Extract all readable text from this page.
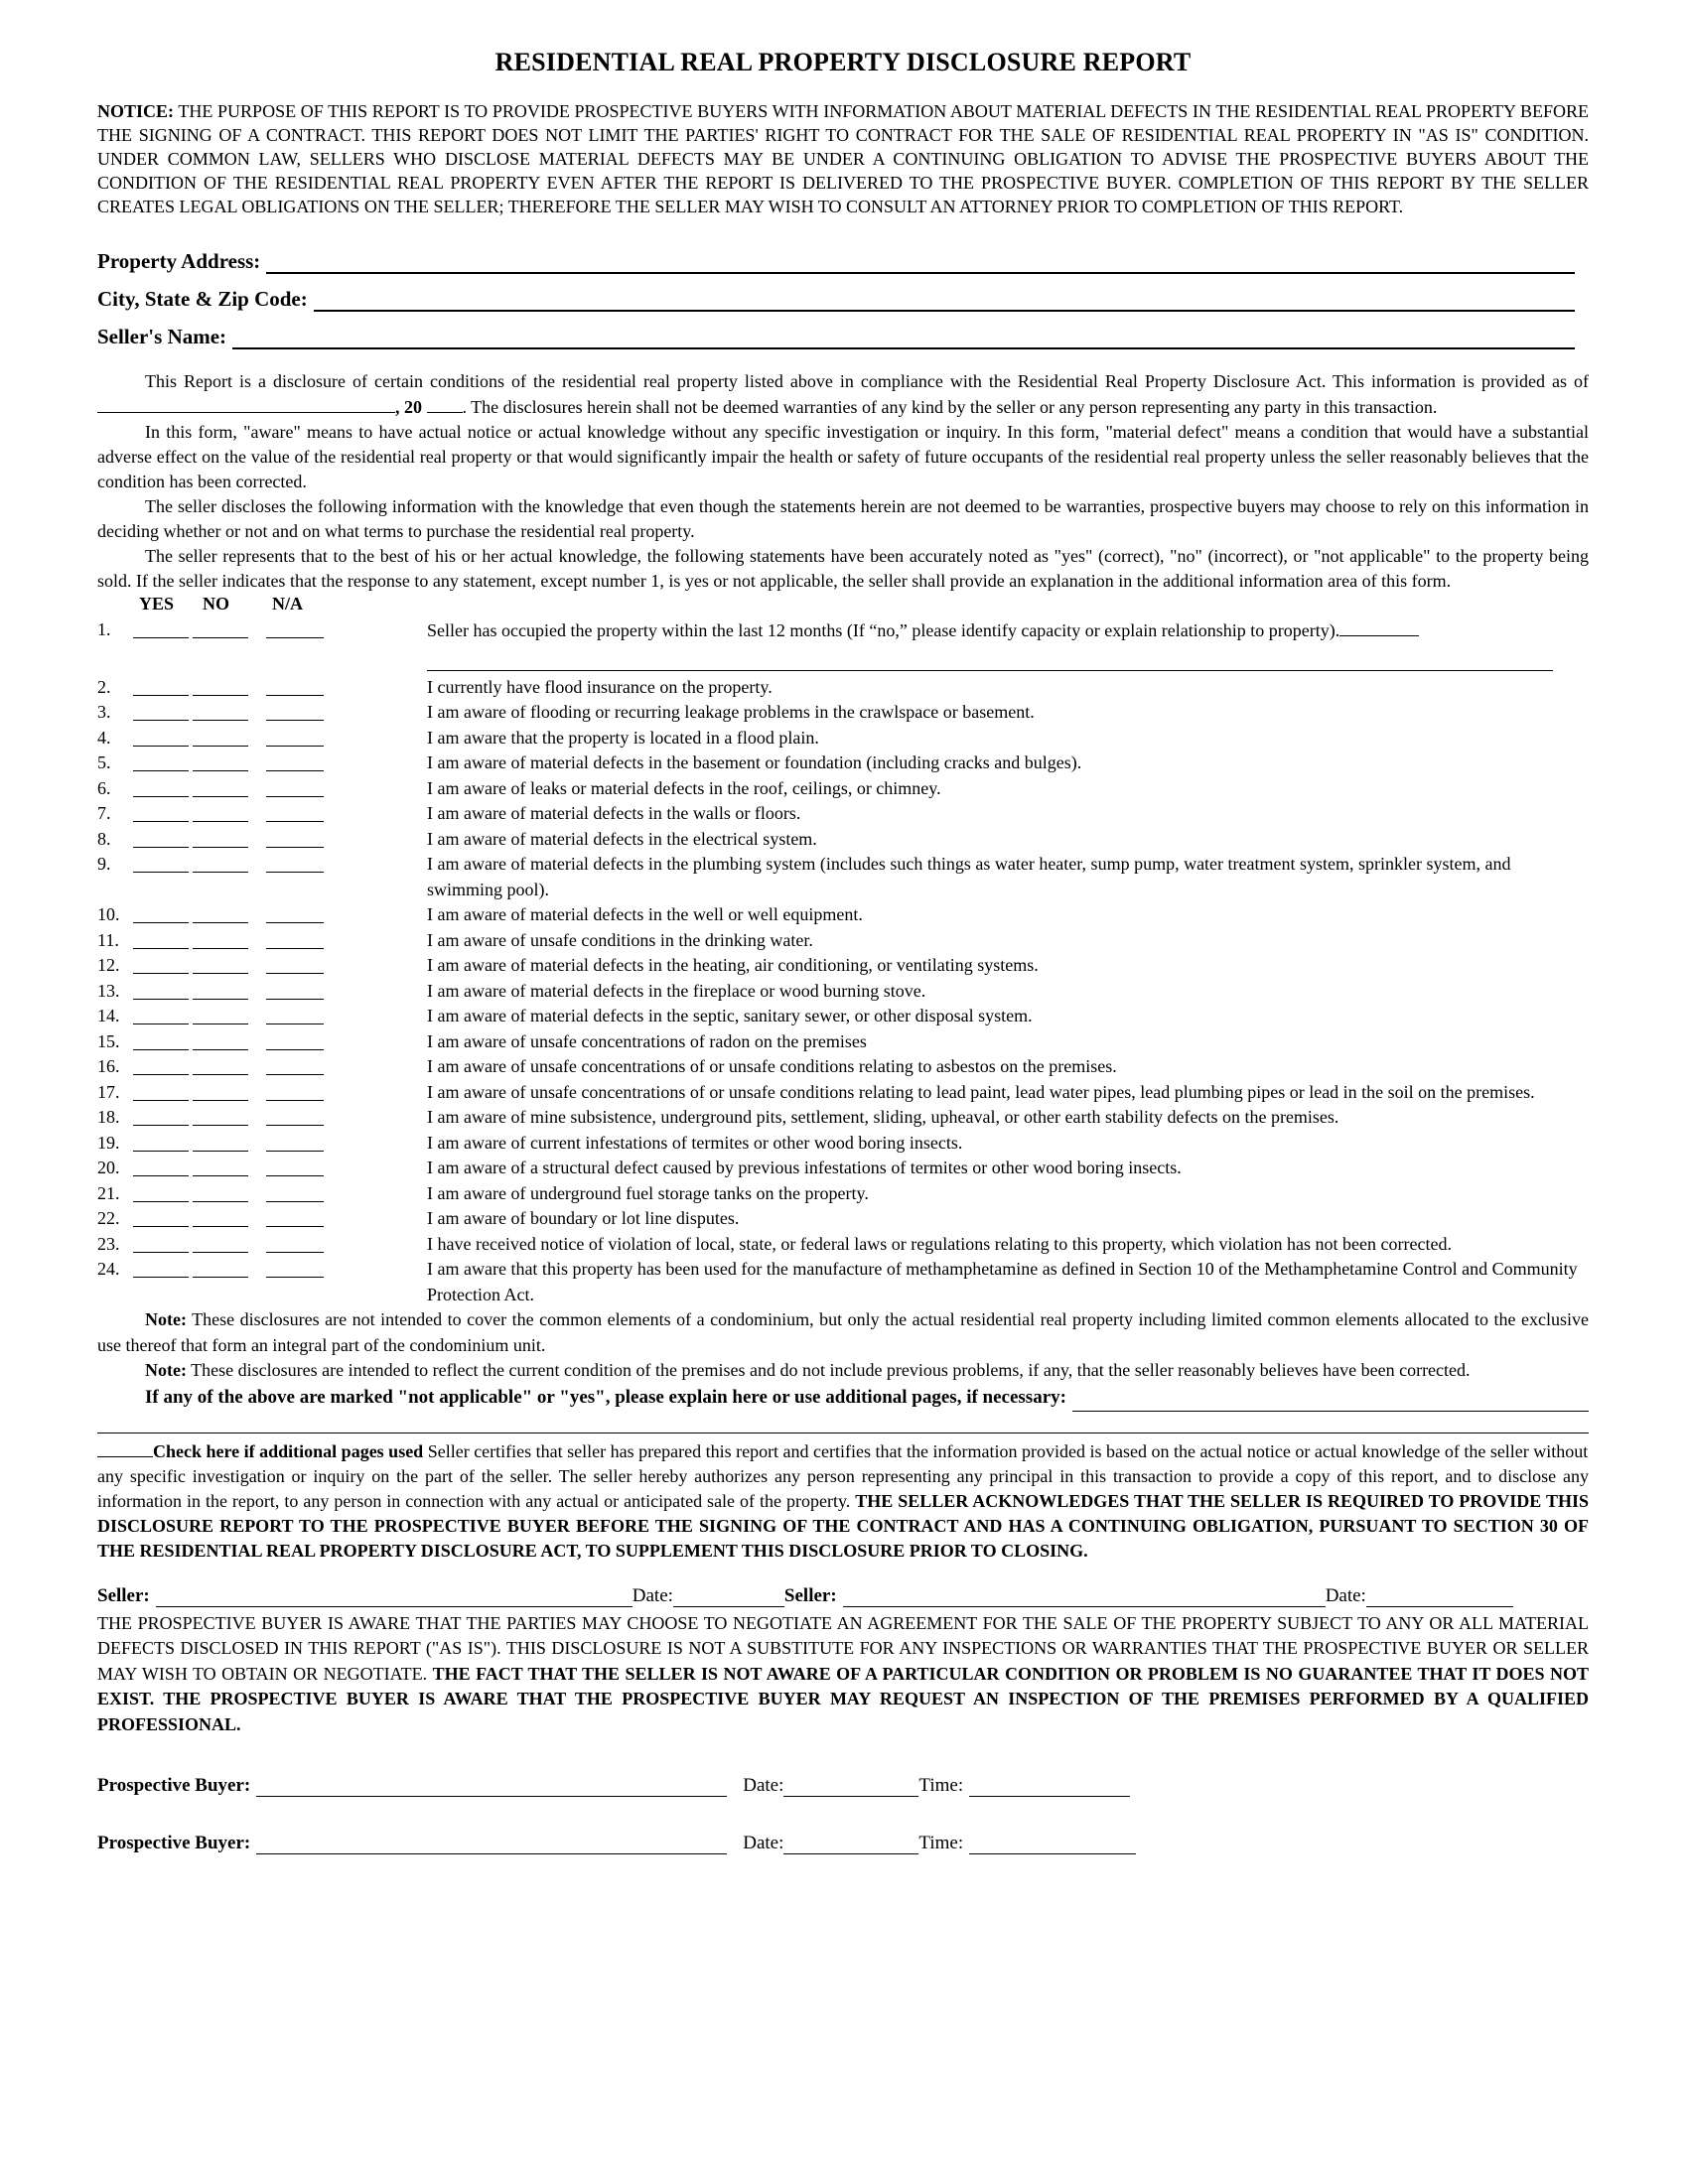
RESIDENTIAL REAL PROPERTY DISCLOSURE REPORT

NOTICE: THE PURPOSE OF THIS REPORT IS TO PROVIDE PROSPECTIVE BUYERS WITH INFORMATION ABOUT MATERIAL DEFECTS IN THE RESIDENTIAL REAL PROPERTY BEFORE THE SIGNING OF A CONTRACT. THIS REPORT DOES NOT LIMIT THE PARTIES' RIGHT TO CONTRACT FOR THE SALE OF RESIDENTIAL REAL PROPERTY IN "AS IS" CONDITION. UNDER COMMON LAW, SELLERS WHO DISCLOSE MATERIAL DEFECTS MAY BE UNDER A CONTINUING OBLIGATION TO ADVISE THE PROSPECTIVE BUYERS ABOUT THE CONDITION OF THE RESIDENTIAL REAL PROPERTY EVEN AFTER THE REPORT IS DELIVERED TO THE PROSPECTIVE BUYER. COMPLETION OF THIS REPORT BY THE SELLER CREATES LEGAL OBLIGATIONS ON THE SELLER; THEREFORE THE SELLER MAY WISH TO CONSULT AN ATTORNEY PRIOR TO COMPLETION OF THIS REPORT.

Property Address:
City, State & Zip Code:
Seller's Name:

This Report is a disclosure of certain conditions of the residential real property listed above in compliance with the Residential Real Property Disclosure Act. This information is provided as of , 20 . The disclosures herein shall not be deemed warranties of any kind by the seller or any person representing any party in this transaction.

In this form, "aware" means to have actual notice or actual knowledge without any specific investigation or inquiry. In this form, "material defect" means a condition that would have a substantial adverse effect on the value of the residential real property or that would significantly impair the health or safety of future occupants of the residential real property unless the seller reasonably believes that the condition has been corrected.

The seller discloses the following information with the knowledge that even though the statements herein are not deemed to be warranties, prospective buyers may choose to rely on this information in deciding whether or not and on what terms to purchase the residential real property.

The seller represents that to the best of his or her actual knowledge, the following statements have been accurately noted as "yes" (correct), "no" (incorrect), or "not applicable" to the property being sold. If the seller indicates that the response to any statement, except number 1, is yes or not applicable, the seller shall provide an explanation in the additional information area of this form.

YES NO N/A
1.	Seller has occupied the property within the last 12 months (If “no,” please identify capacity or explain relationship to property).
2.	I currently have flood insurance on the property.
3.	I am aware of flooding or recurring leakage problems in the crawlspace or basement.
4.	I am aware that the property is located in a flood plain.
5.	I am aware of material defects in the basement or foundation (including cracks and bulges).
6.	I am aware of leaks or material defects in the roof, ceilings, or chimney.
7.	I am aware of material defects in the walls or floors.
8.	I am aware of material defects in the electrical system.
9.	I am aware of material defects in the plumbing system (includes such things as water heater, sump pump, water treatment system, sprinkler system, and swimming pool).
10.	I am aware of material defects in the well or well equipment.
11.	I am aware of unsafe conditions in the drinking water.
12.	I am aware of material defects in the heating, air conditioning, or ventilating systems.
13.	I am aware of material defects in the fireplace or wood burning stove.
14.	I am aware of material defects in the septic, sanitary sewer, or other disposal system.
15.	I am aware of unsafe concentrations of radon on the premises
16.	I am aware of unsafe concentrations of or unsafe conditions relating to asbestos on the premises.
17.	I am aware of unsafe concentrations of or unsafe conditions relating to lead paint, lead water pipes, lead plumbing pipes or lead in the soil on the premises.
18.	I am aware of mine subsistence, underground pits, settlement, sliding, upheaval, or other earth stability defects on the premises.
19.	I am aware of current infestations of termites or other wood boring insects.
20.	I am aware of a structural defect caused by previous infestations of termites or other wood boring insects.
21.	I am aware of underground fuel storage tanks on the property.
22.	I am aware of boundary or lot line disputes.
23.	I have received notice of violation of local, state, or federal laws or regulations relating to this property, which violation has not been corrected.
24.	I am aware that this property has been used for the manufacture of methamphetamine as defined in Section 10 of the Methamphetamine Control and Community Protection Act.

Note: These disclosures are not intended to cover the common elements of a condominium, but only the actual residential real property including limited common elements allocated to the exclusive use thereof that form an integral part of the condominium unit.

Note: These disclosures are intended to reflect the current condition of the premises and do not include previous problems, if any, that the seller reasonably believes have been corrected.

If any of the above are marked "not applicable" or "yes", please explain here or use additional pages, if necessary:

Check here if additional pages used Seller certifies that seller has prepared this report and certifies that the information provided is based on the actual notice or actual knowledge of the seller without

any specific investigation or inquiry on the part of the seller. The seller hereby authorizes any person representing any principal in this transaction to provide a copy of this report, and to disclose any information in the report, to any person in connection with any actual or anticipated sale of the property. THE SELLER ACKNOWLEDGES THAT THE SELLER IS REQUIRED TO PROVIDE THIS DISCLOSURE REPORT TO THE PROSPECTIVE BUYER BEFORE THE SIGNING OF THE CONTRACT AND HAS A CONTINUING OBLIGATION, PURSUANT TO SECTION 30 OF THE RESIDENTIAL REAL PROPERTY DISCLOSURE ACT, TO SUPPLEMENT THIS DISCLOSURE PRIOR TO CLOSING.

Seller:	Date:	Seller:	Date:

THE PROSPECTIVE BUYER IS AWARE THAT THE PARTIES MAY CHOOSE TO NEGOTIATE AN AGREEMENT FOR THE SALE OF THE PROPERTY SUBJECT TO ANY OR ALL MATERIAL DEFECTS DISCLOSED IN THIS REPORT ("AS IS"). THIS DISCLOSURE IS NOT A SUBSTITUTE FOR ANY INSPECTIONS OR WARRANTIES THAT THE PROSPECTIVE BUYER OR SELLER MAY WISH TO OBTAIN OR NEGOTIATE. THE FACT THAT THE SELLER IS NOT AWARE OF A PARTICULAR CONDITION OR PROBLEM IS NO GUARANTEE THAT IT DOES NOT EXIST. THE PROSPECTIVE BUYER IS AWARE THAT THE PROSPECTIVE BUYER MAY REQUEST AN INSPECTION OF THE PREMISES PERFORMED BY A QUALIFIED PROFESSIONAL.

Prospective Buyer:	Date:	Time:
Prospective Buyer:	Date:	Time:
